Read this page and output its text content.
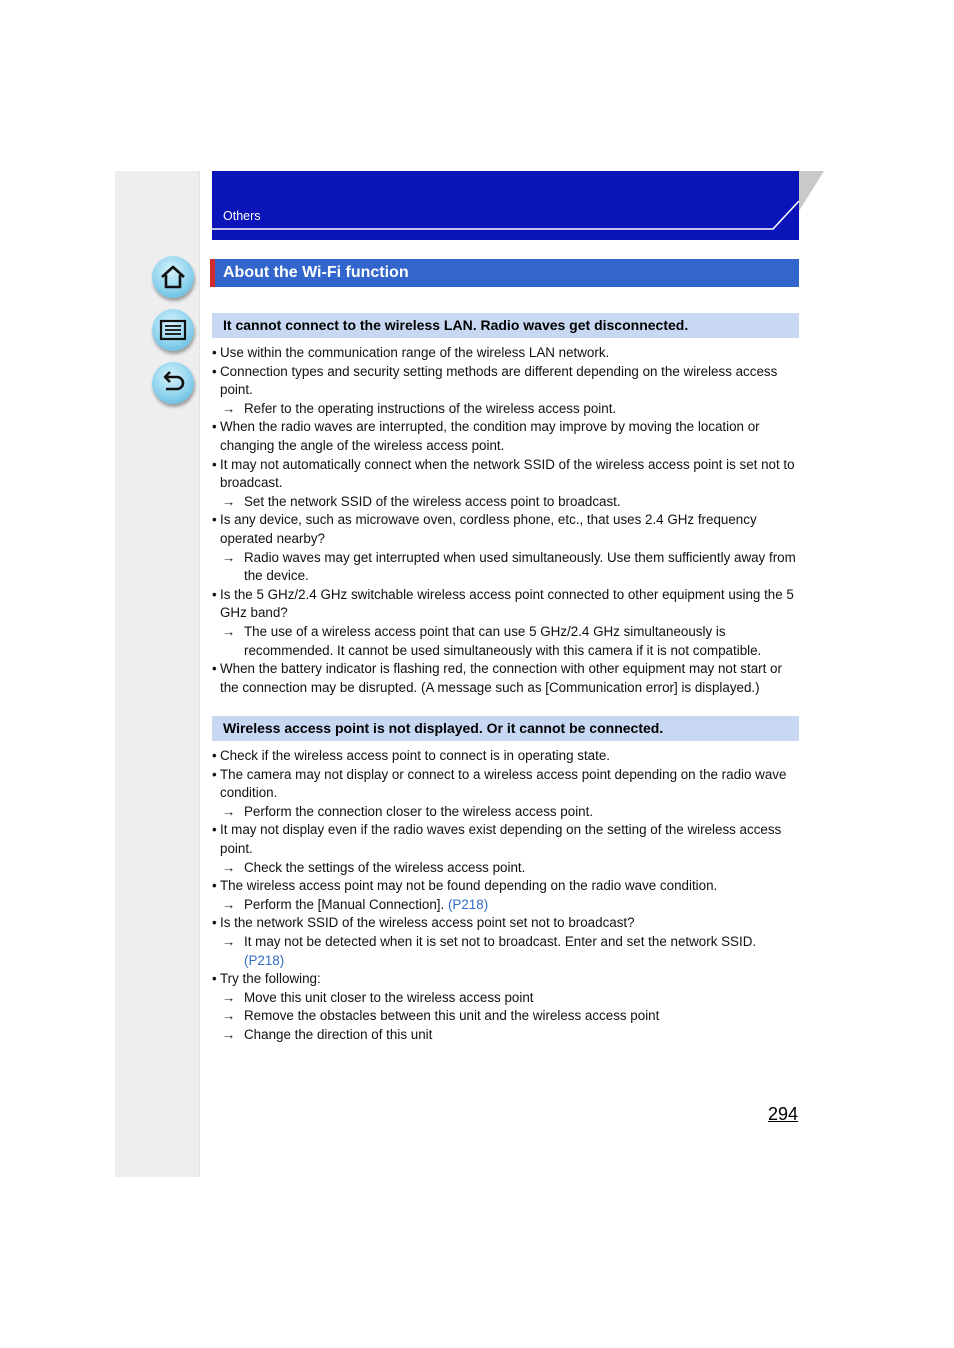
Others
About the Wi-Fi function
It cannot connect to the wireless LAN. Radio waves get disconnected.
• Use within the communication range of the wireless LAN network.
• Connection types and security setting methods are different depending on the wireless access point.
→ Refer to the operating instructions of the wireless access point.
• When the radio waves are interrupted, the condition may improve by moving the location or changing the angle of the wireless access point.
• It may not automatically connect when the network SSID of the wireless access point is set not to broadcast.
→ Set the network SSID of the wireless access point to broadcast.
• Is any device, such as microwave oven, cordless phone, etc., that uses 2.4 GHz frequency operated nearby?
→ Radio waves may get interrupted when used simultaneously. Use them sufficiently away from the device.
• Is the 5 GHz/2.4 GHz switchable wireless access point connected to other equipment using the 5 GHz band?
→ The use of a wireless access point that can use 5 GHz/2.4 GHz simultaneously is recommended. It cannot be used simultaneously with this camera if it is not compatible.
• When the battery indicator is flashing red, the connection with other equipment may not start or the connection may be disrupted. (A message such as [Communication error] is displayed.)
Wireless access point is not displayed. Or it cannot be connected.
• Check if the wireless access point to connect is in operating state.
• The camera may not display or connect to a wireless access point depending on the radio wave condition.
→ Perform the connection closer to the wireless access point.
• It may not display even if the radio waves exist depending on the setting of the wireless access point.
→ Check the settings of the wireless access point.
• The wireless access point may not be found depending on the radio wave condition.
→ Perform the [Manual Connection]. (P218)
• Is the network SSID of the wireless access point set not to broadcast?
→ It may not be detected when it is set not to broadcast. Enter and set the network SSID. (P218)
• Try the following:
→ Move this unit closer to the wireless access point
→ Remove the obstacles between this unit and the wireless access point
→ Change the direction of this unit
294
